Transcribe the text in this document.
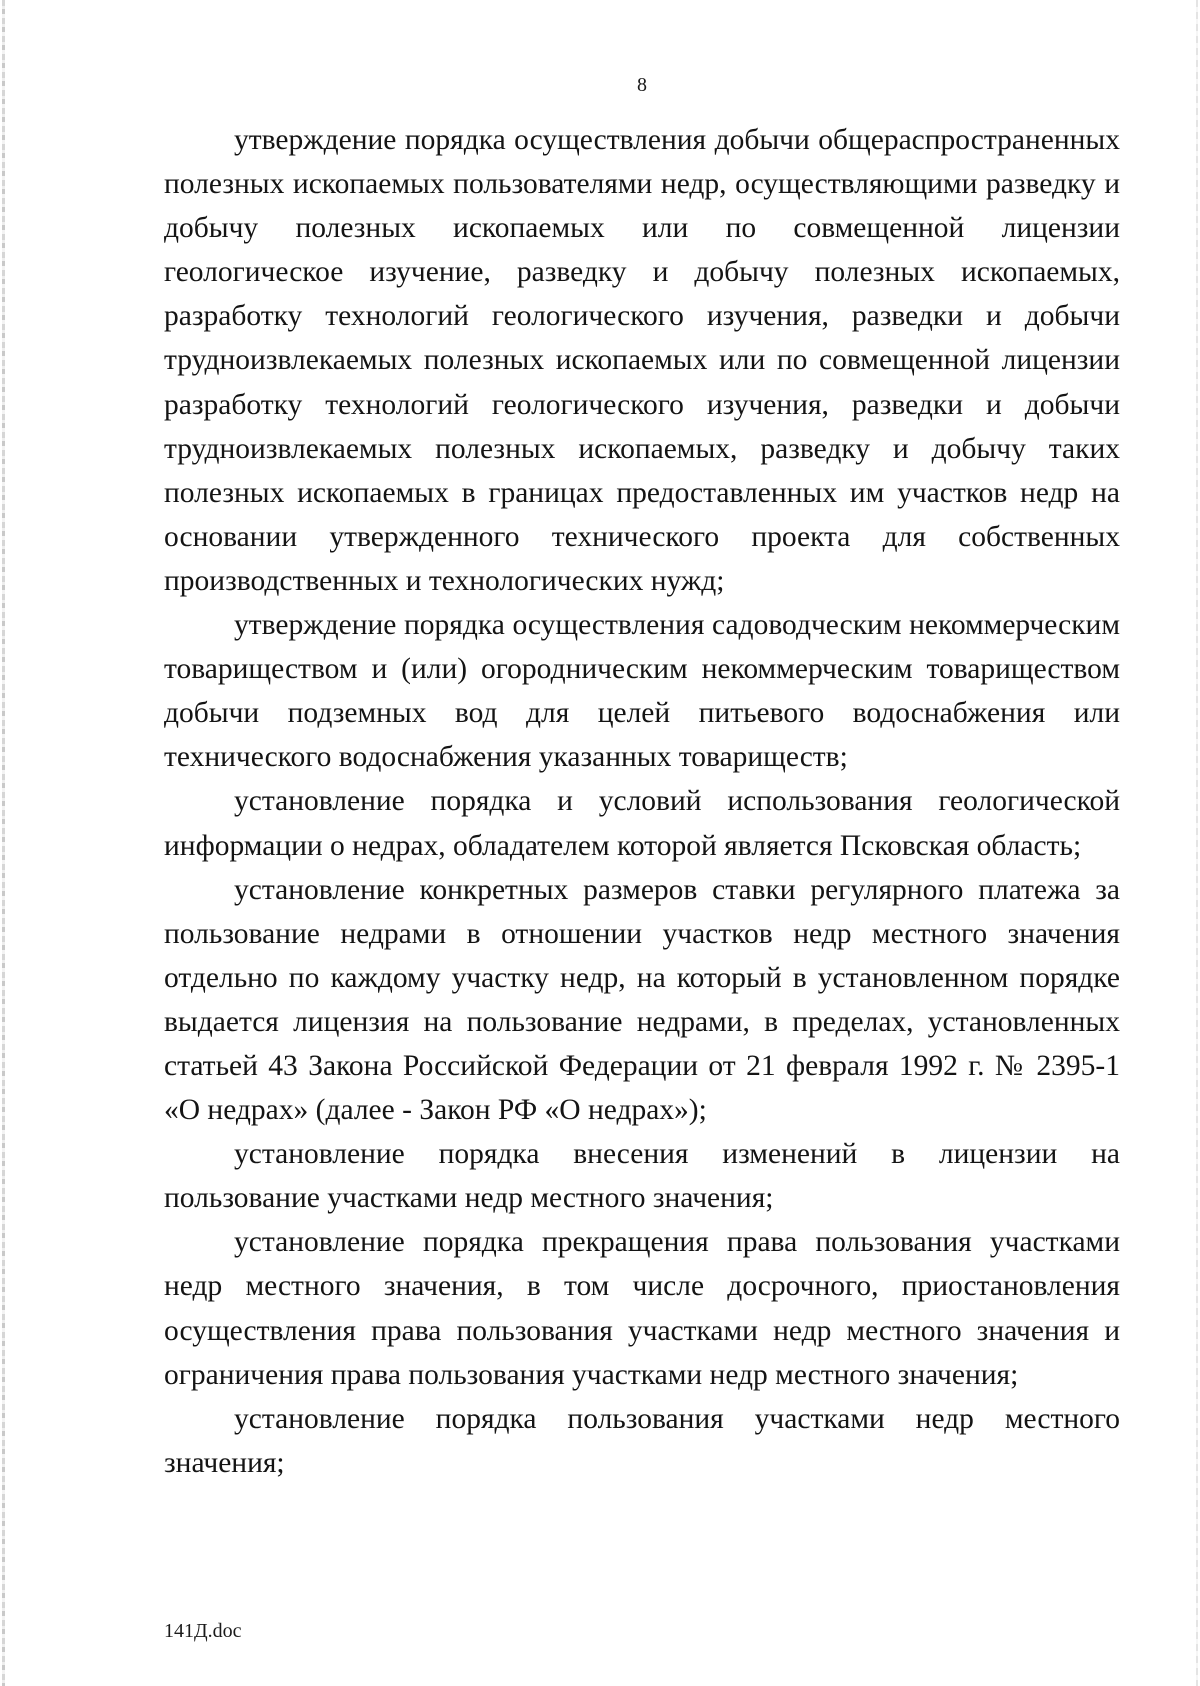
8

утверждение порядка осуществления добычи общераспространенных полезных ископаемых пользователями недр, осуществляющими разведку и добычу полезных ископаемых или по совмещенной лицензии геологическое изучение, разведку и добычу полезных ископаемых, разработку технологий геологического изучения, разведки и добычи трудноизвлекаемых полезных ископаемых или по совмещенной лицензии разработку технологий геологического изучения, разведки и добычи трудноизвлекаемых полезных ископаемых, разведку и добычу таких полезных ископаемых в границах предоставленных им участков недр на основании утвержденного технического проекта для собственных производственных и технологических нужд;

утверждение порядка осуществления садоводческим некоммерческим товариществом и (или) огородническим некоммерческим товариществом добычи подземных вод для целей питьевого водоснабжения или технического водоснабжения указанных товариществ;

установление порядка и условий использования геологической информации о недрах, обладателем которой является Псковская область;

установление конкретных размеров ставки регулярного платежа за пользование недрами в отношении участков недр местного значения отдельно по каждому участку недр, на который в установленном порядке выдается лицензия на пользование недрами, в пределах, установленных статьей 43 Закона Российской Федерации от 21 февраля 1992 г. № 2395-1 «О недрах» (далее - Закон РФ «О недрах»);

установление порядка внесения изменений в лицензии на пользование участками недр местного значения;

установление порядка прекращения права пользования участками недр местного значения, в том числе досрочного, приостановления осуществления права пользования участками недр местного значения и ограничения права пользования участками недр местного значения;

установление порядка пользования участками недр местного значения;

141Д.doc
